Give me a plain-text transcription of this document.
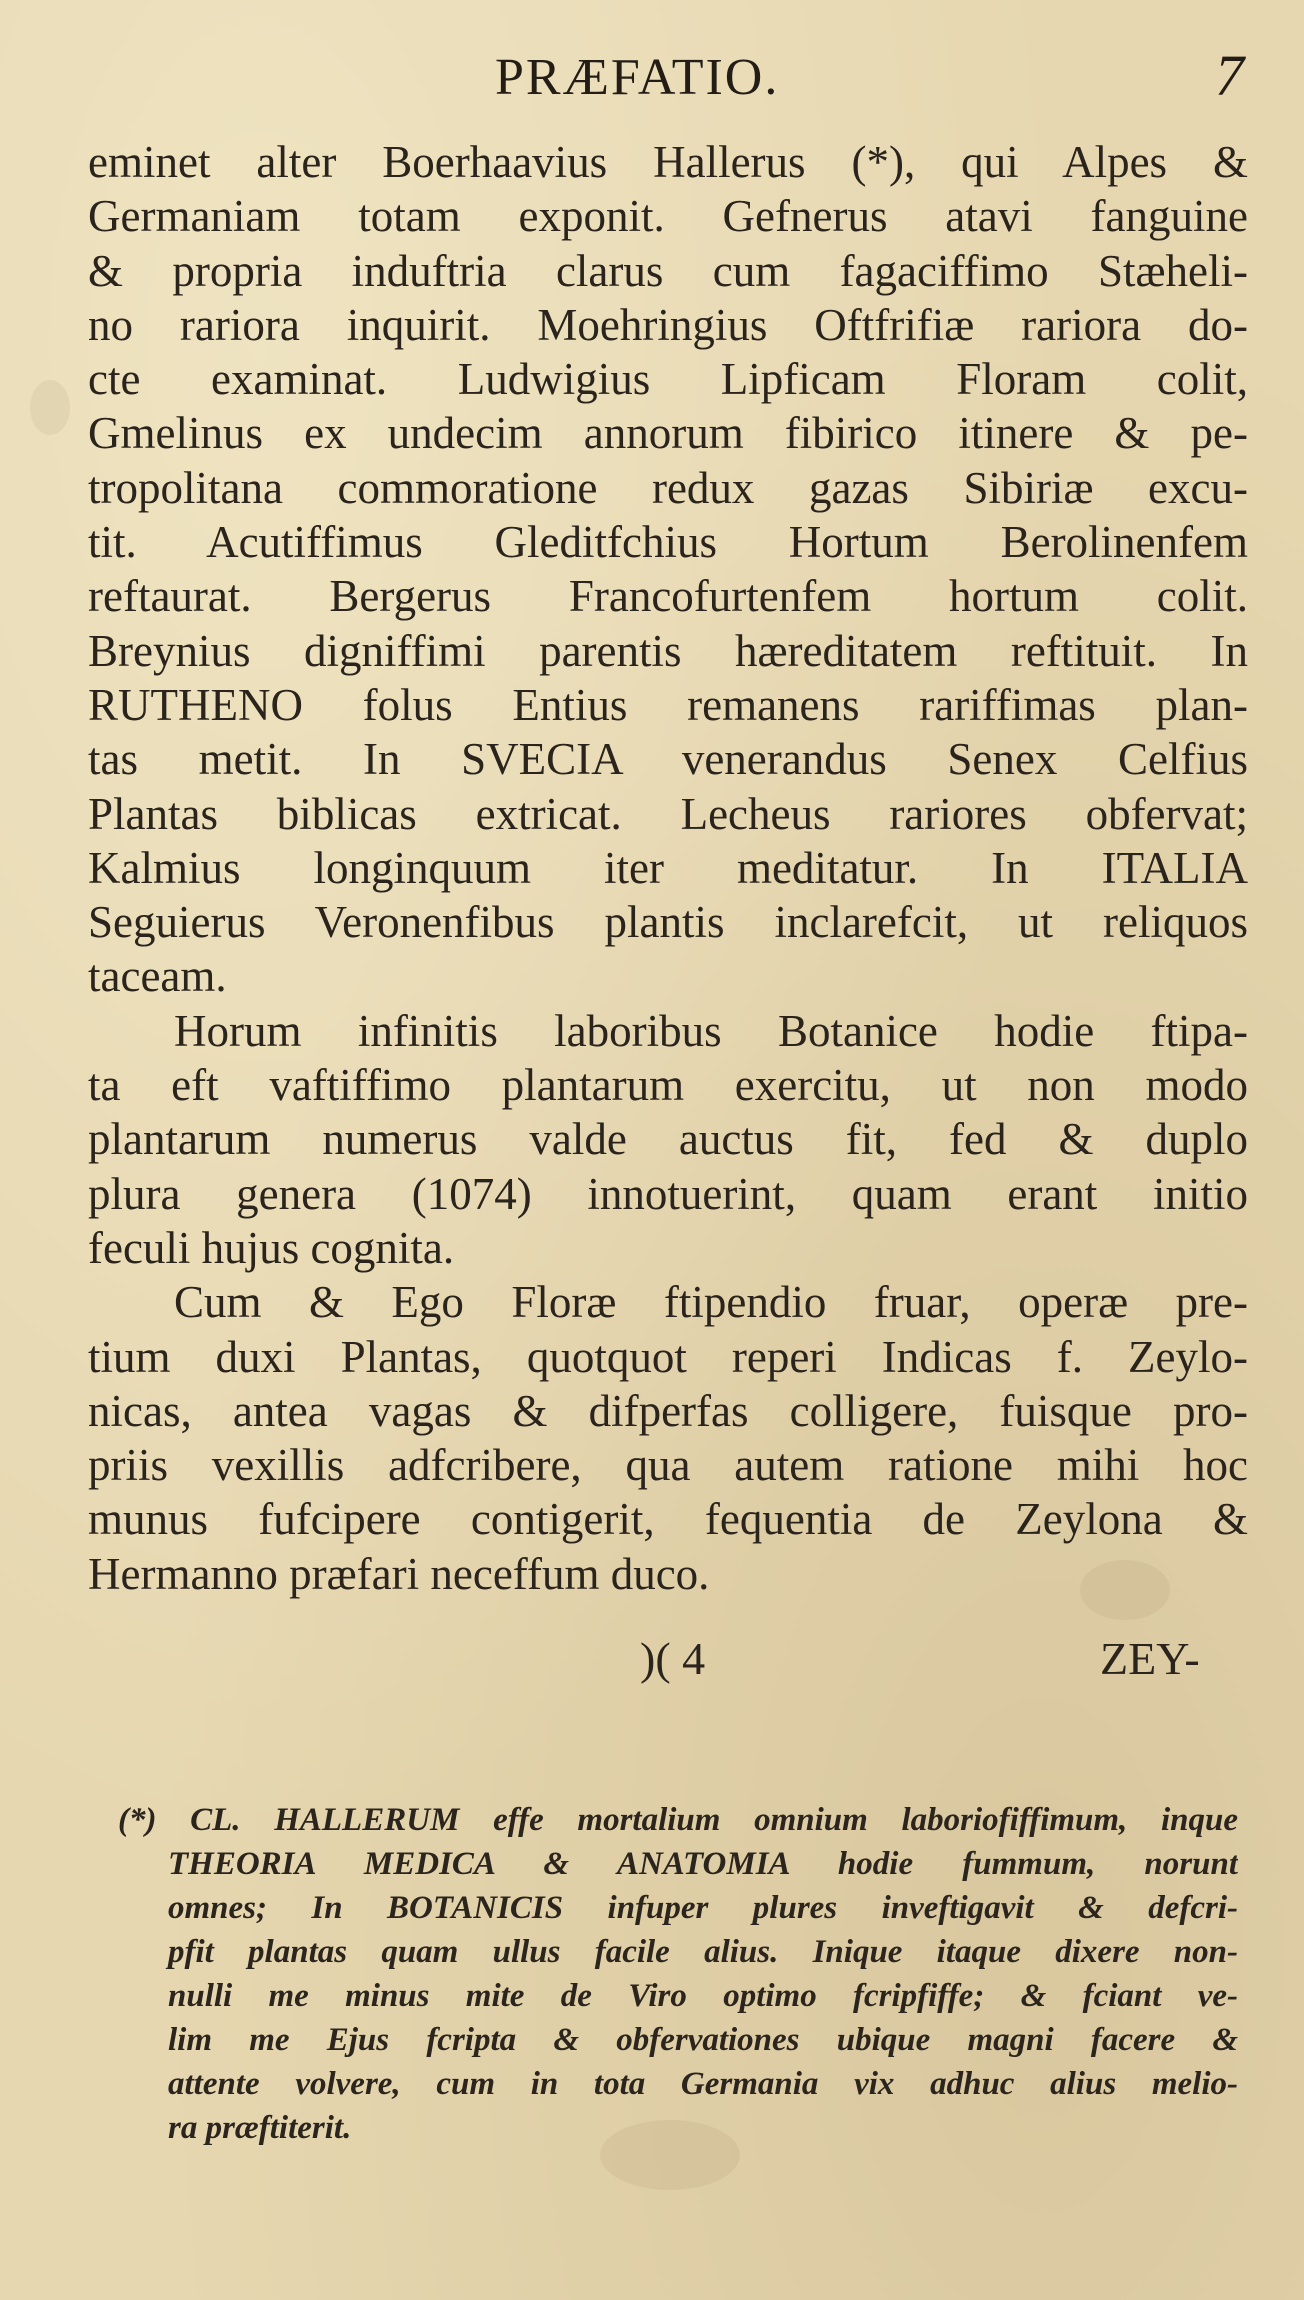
PRÆFATIO.	7
eminet alter Boerhaavius Hallerus (*), qui Alpes &
Germaniam totam exponit. Gefnerus atavi fanguine
& propria induftria clarus cum fagaciffimo Stæheli-
no rariora inquirit. Moehringius Oftfrifiæ rariora do-
cte examinat. Ludwigius Lipficam Floram colit,
Gmelinus ex undecim annorum fibirico itinere & pe-
tropolitana commoratione redux gazas Sibiriæ excu-
tit. Acutiffimus Gleditfchius Hortum Berolinenfem
reftaurat. Bergerus Francofurtenfem hortum colit.
Breynius digniffimi parentis hæreditatem reftituit. In
RUTHENO folus Entius remanens rariffimas plan-
tas metit. In SVECIA venerandus Senex Celfius
Plantas biblicas extricat. Lecheus rariores obfervat;
Kalmius longinquum iter meditatur. In ITALIA
Seguierus Veronenfibus plantis inclarefcit, ut reliquos
taceam.
Horum infinitis laboribus Botanice hodie ftipa-
ta eft vaftiffimo plantarum exercitu, ut non modo
plantarum numerus valde auctus fit, fed & duplo
plura genera (1074) innotuerint, quam erant initio
feculi hujus cognita.
Cum & Ego Floræ ftipendio fruar, operæ pre-
tium duxi Plantas, quotquot reperi Indicas f. Zeylo-
nicas, antea vagas & difperfas colligere, fuisque pro-
priis vexillis adfcribere, qua autem ratione mihi hoc
munus fufcipere contigerit, fequentia de Zeylona &
Hermanno præfari neceffum duco.
)( 4	ZEY-
(*) CL. HALLERUM effe mortalium omnium laboriofiffimum, inque
THEORIA MEDICA & ANATOMIA hodie fummum, norunt
omnes; In BOTANICIS infuper plures inveftigavit & defcri-
pfit plantas quam ullus facile alius. Inique itaque dixere non-
nulli me minus mite de Viro optimo fcripfiffe; & fciant ve-
lim me Ejus fcripta & obfervationes ubique magni facere &
attente volvere, cum in tota Germania vix adhuc alius melio-
ra præftiterit.
